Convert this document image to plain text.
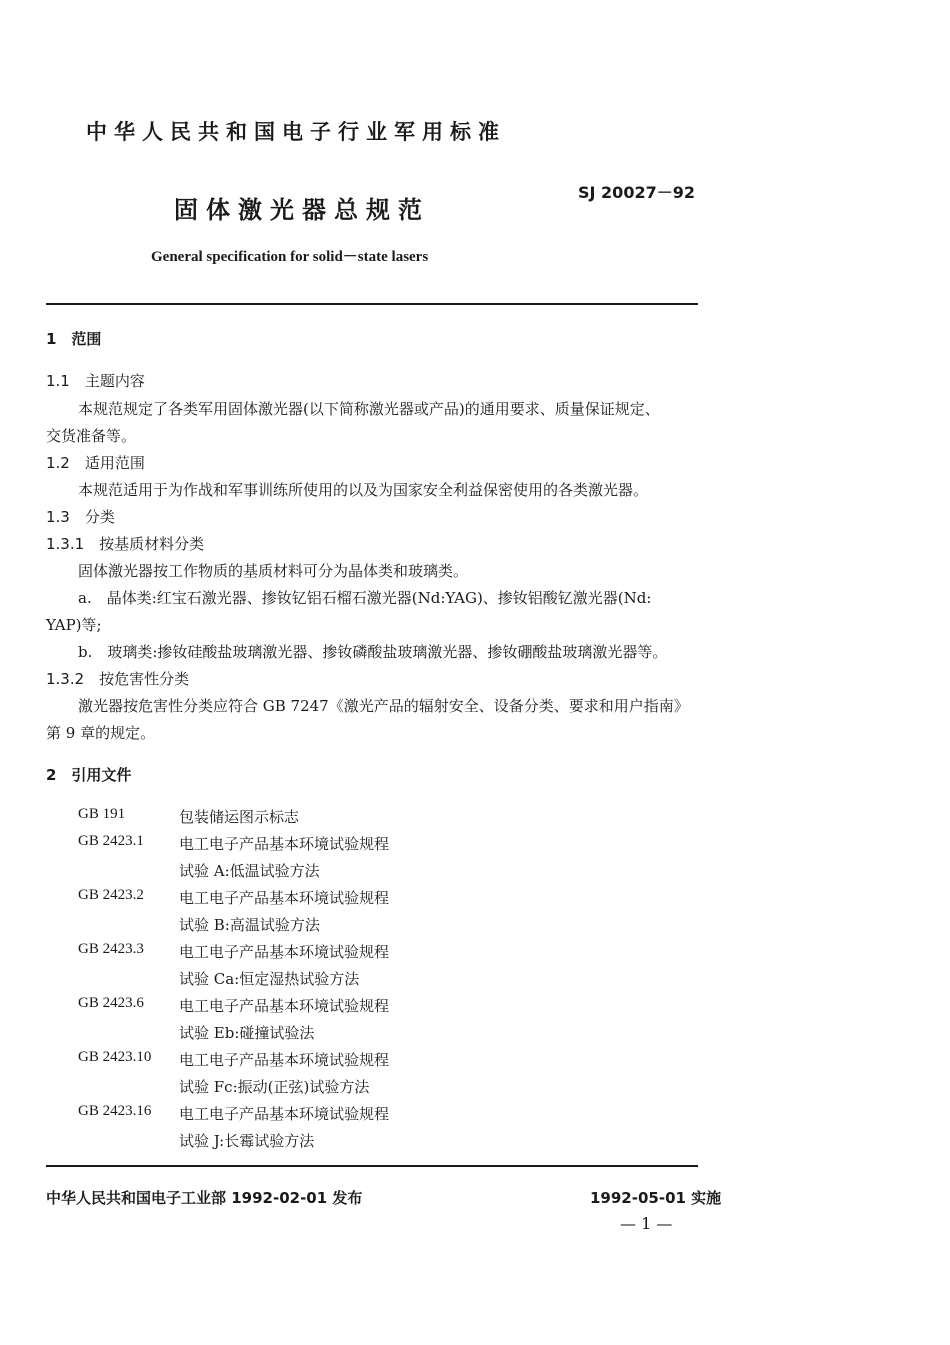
中华人民共和国电子行业军用标准
固体激光器总规范
SJ 20027－92
General specification for solid－state lasers
1　范围
1.1　主题内容
本规范规定了各类军用固体激光器(以下简称激光器或产品)的通用要求、质量保证规定、
交货准备等。
1.2　适用范围
本规范适用于为作战和军事训练所使用的以及为国家安全利益保密使用的各类激光器。
1.3　分类
1.3.1　按基质材料分类
固体激光器按工作物质的基质材料可分为晶体类和玻璃类。
a.　晶体类:红宝石激光器、掺钕钇铝石榴石激光器(Nd:YAG)、掺钕铝酸钇激光器(Nd:
YAP)等;
b.　玻璃类:掺钕硅酸盐玻璃激光器、掺钕磷酸盐玻璃激光器、掺钕硼酸盐玻璃激光器等。
1.3.2　按危害性分类
激光器按危害性分类应符合 GB 7247《激光产品的辐射安全、设备分类、要求和用户指南》
第 9 章的规定。
2　引用文件
GB 191	包装储运图示标志
GB 2423.1 电工电子产品基本环境试验规程
试验 A:低温试验方法
GB 2423.2 电工电子产品基本环境试验规程
试验 B:高温试验方法
GB 2423.3 电工电子产品基本环境试验规程
试验 Ca:恒定湿热试验方法
GB 2423.6 电工电子产品基本环境试验规程
试验 Eb:碰撞试验法
GB 2423.10 电工电子产品基本环境试验规程
试验 Fc:振动(正弦)试验方法
GB 2423.16 电工电子产品基本环境试验规程
试验 J:长霉试验方法
中华人民共和国电子工业部 1992-02-01 发布	1992-05-01 实施
— 1 —
